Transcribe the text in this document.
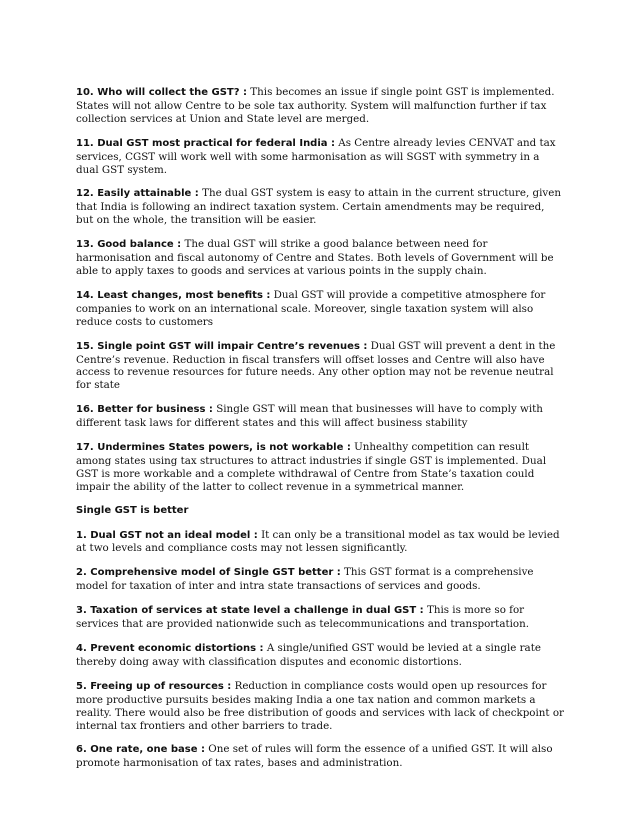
10. Who will collect the GST? : This becomes an issue if single point GST is implemented. States will not allow Centre to be sole tax authority. System will malfunction further if tax collection services at Union and State level are merged.

11. Dual GST most practical for federal India : As Centre already levies CENVAT and tax services, CGST will work well with some harmonisation as will SGST with symmetry in a dual GST system.

12. Easily attainable : The dual GST system is easy to attain in the current structure, given that India is following an indirect taxation system. Certain amendments may be required, but on the whole, the transition will be easier.

13. Good balance : The dual GST will strike a good balance between need for harmonisation and fiscal autonomy of Centre and States. Both levels of Government will be able to apply taxes to goods and services at various points in the supply chain.

14. Least changes, most benefits : Dual GST will provide a competitive atmosphere for companies to work on an international scale. Moreover, single taxation system will also reduce costs to customers

15. Single point GST will impair Centre’s revenues : Dual GST will prevent a dent in the Centre’s revenue. Reduction in fiscal transfers will offset losses and Centre will also have access to revenue resources for future needs. Any other option may not be revenue neutral for state

16. Better for business : Single GST will mean that businesses will have to comply with different task laws for different states and this will affect business stability

17. Undermines States powers, is not workable : Unhealthy competition can result among states using tax structures to attract industries if single GST is implemented. Dual GST is more workable and a complete withdrawal of Centre from State’s taxation could impair the ability of the latter to collect revenue in a symmetrical manner.

Single GST is better

1. Dual GST not an ideal model : It can only be a transitional model as tax would be levied at two levels and compliance costs may not lessen significantly.

2. Comprehensive model of Single GST better : This GST format is a comprehensive model for taxation of inter and intra state transactions of services and goods.

3. Taxation of services at state level a challenge in dual GST : This is more so for services that are provided nationwide such as telecommunications and transportation.

4. Prevent economic distortions : A single/unified GST would be levied at a single rate thereby doing away with classification disputes and economic distortions.

5. Freeing up of resources : Reduction in compliance costs would open up resources for more productive pursuits besides making India a one tax nation and common markets a reality. There would also be free distribution of goods and services with lack of checkpoint or internal tax frontiers and other barriers to trade.

6. One rate, one base : One set of rules will form the essence of a unified GST. It will also promote harmonisation of tax rates, bases and administration.
